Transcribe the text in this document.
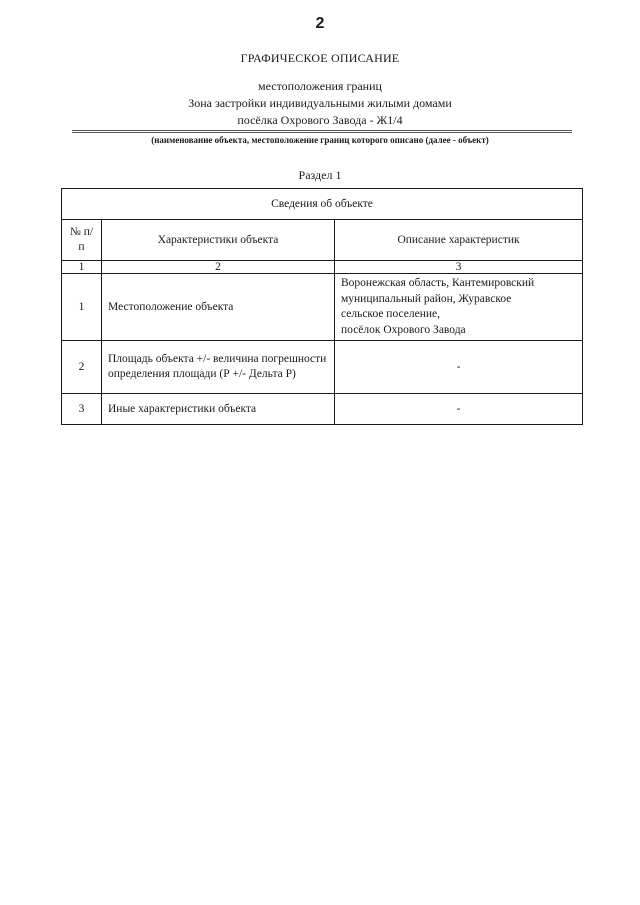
2
ГРАФИЧЕСКОЕ ОПИСАНИЕ
местоположения границ
Зона застройки индивидуальными жилыми домами
посёлка Охрового Завода - Ж1/4
(наименование объекта, местоположение границ которого описано (далее - объект)
Раздел 1
Сведения об объекте		
№ п/п	Характеристики объекта	Описание характеристик
1	2	3
1	Местоположение объекта	Воронежская область, Кантемировский
муниципальный район, Журавское
сельское поселение,
посёлок Охрового Завода

2	Площадь объекта +/- величина погрешности определения площади (Р +/- Дельта Р)	-
3	Иные характеристики объекта	-
